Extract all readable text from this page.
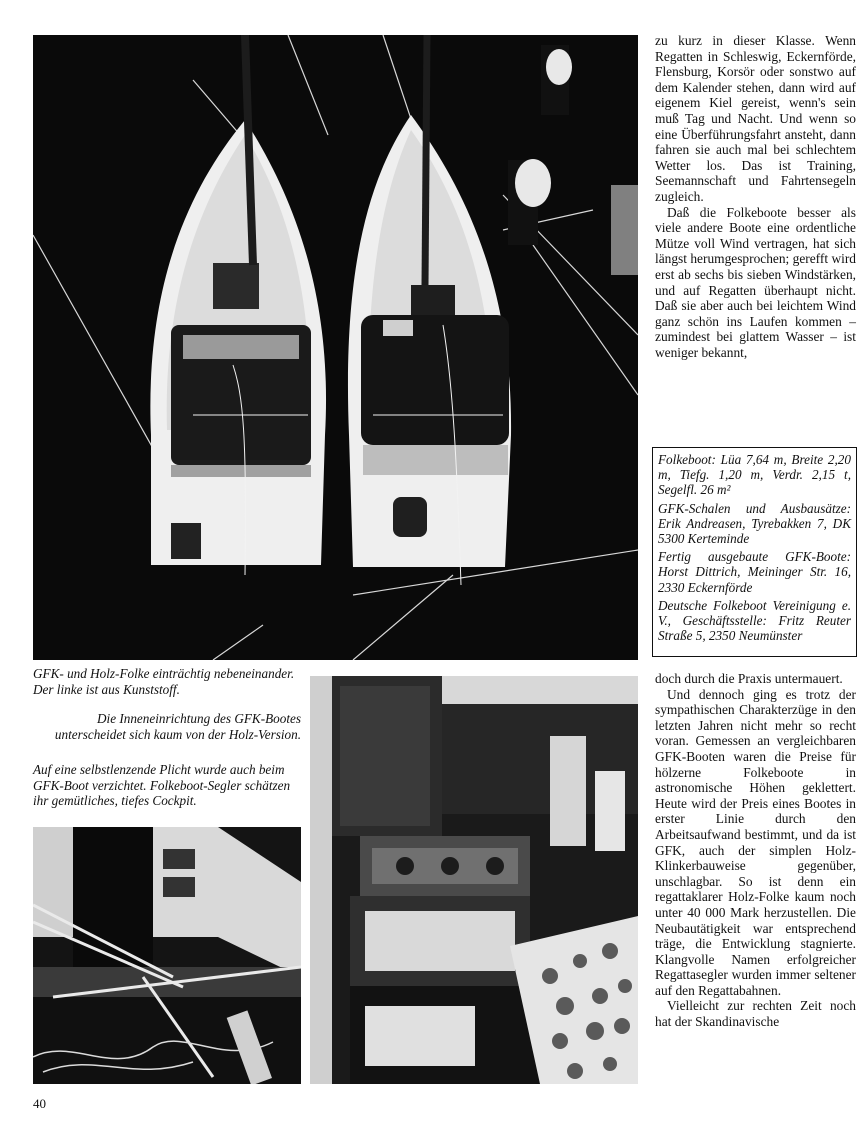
GFK- und Holz-Folke einträchtig nebeneinander. Der linke ist aus Kunststoff.

Die Inneneinrichtung des GFK-Bootes unterscheidet sich kaum von der Holz-Version.

Auf eine selbstlenzende Plicht wurde auch beim GFK-Boot verzichtet. Folkeboot-Segler schätzen ihr gemütliches, tiefes Cockpit.

zu kurz in dieser Klasse. Wenn Regatten in Schleswig, Eckernförde, Flensburg, Korsör oder sonstwo auf dem Kalender stehen, dann wird auf eigenem Kiel gereist, wenn's sein muß Tag und Nacht. Und wenn so eine Überführungsfahrt ansteht, dann fahren sie auch mal bei schlechtem Wetter los. Das ist Training, Seemannschaft und Fahrtensegeln zugleich.

Daß die Folkeboote besser als viele andere Boote eine ordentliche Mütze voll Wind vertragen, hat sich längst herumgesprochen; gerefft wird erst ab sechs bis sieben Windstärken, und auf Regatten überhaupt nicht. Daß sie aber auch bei leichtem Wind ganz schön ins Laufen kommen – zumindest bei glattem Wasser – ist weniger bekannt,

Folkeboot: Lüa 7,64 m, Breite 2,20 m, Tiefg. 1,20 m, Verdr. 2,15 t, Segelfl. 26 m²

GFK-Schalen und Ausbausätze: Erik Andreasen, Tyrebakken 7, DK 5300 Kerteminde

Fertig ausgebaute GFK-Boote: Horst Dittrich, Meininger Str. 16, 2330 Eckernförde

Deutsche Folkeboot Vereinigung e. V., Geschäftsstelle: Fritz Reuter Straße 5, 2350 Neumünster

doch durch die Praxis untermauert.

Und dennoch ging es trotz der sympathischen Charakterzüge in den letzten Jahren nicht mehr so recht voran. Gemessen an vergleichbaren GFK-Booten waren die Preise für hölzerne Folkeboote in astronomische Höhen geklettert. Heute wird der Preis eines Bootes in erster Linie durch den Arbeitsaufwand bestimmt, und da ist GFK, auch der simplen Holz-Klinkerbauweise gegenüber, unschlagbar. So ist denn ein regattaklarer Holz-Folke kaum noch unter 40 000 Mark herzustellen. Die Neubautätigkeit war entsprechend träge, die Entwicklung stagnierte. Klangvolle Namen erfolgreicher Regattasegler wurden immer seltener auf den Regattabahnen.

Vielleicht zur rechten Zeit noch hat der Skandinavische

40
